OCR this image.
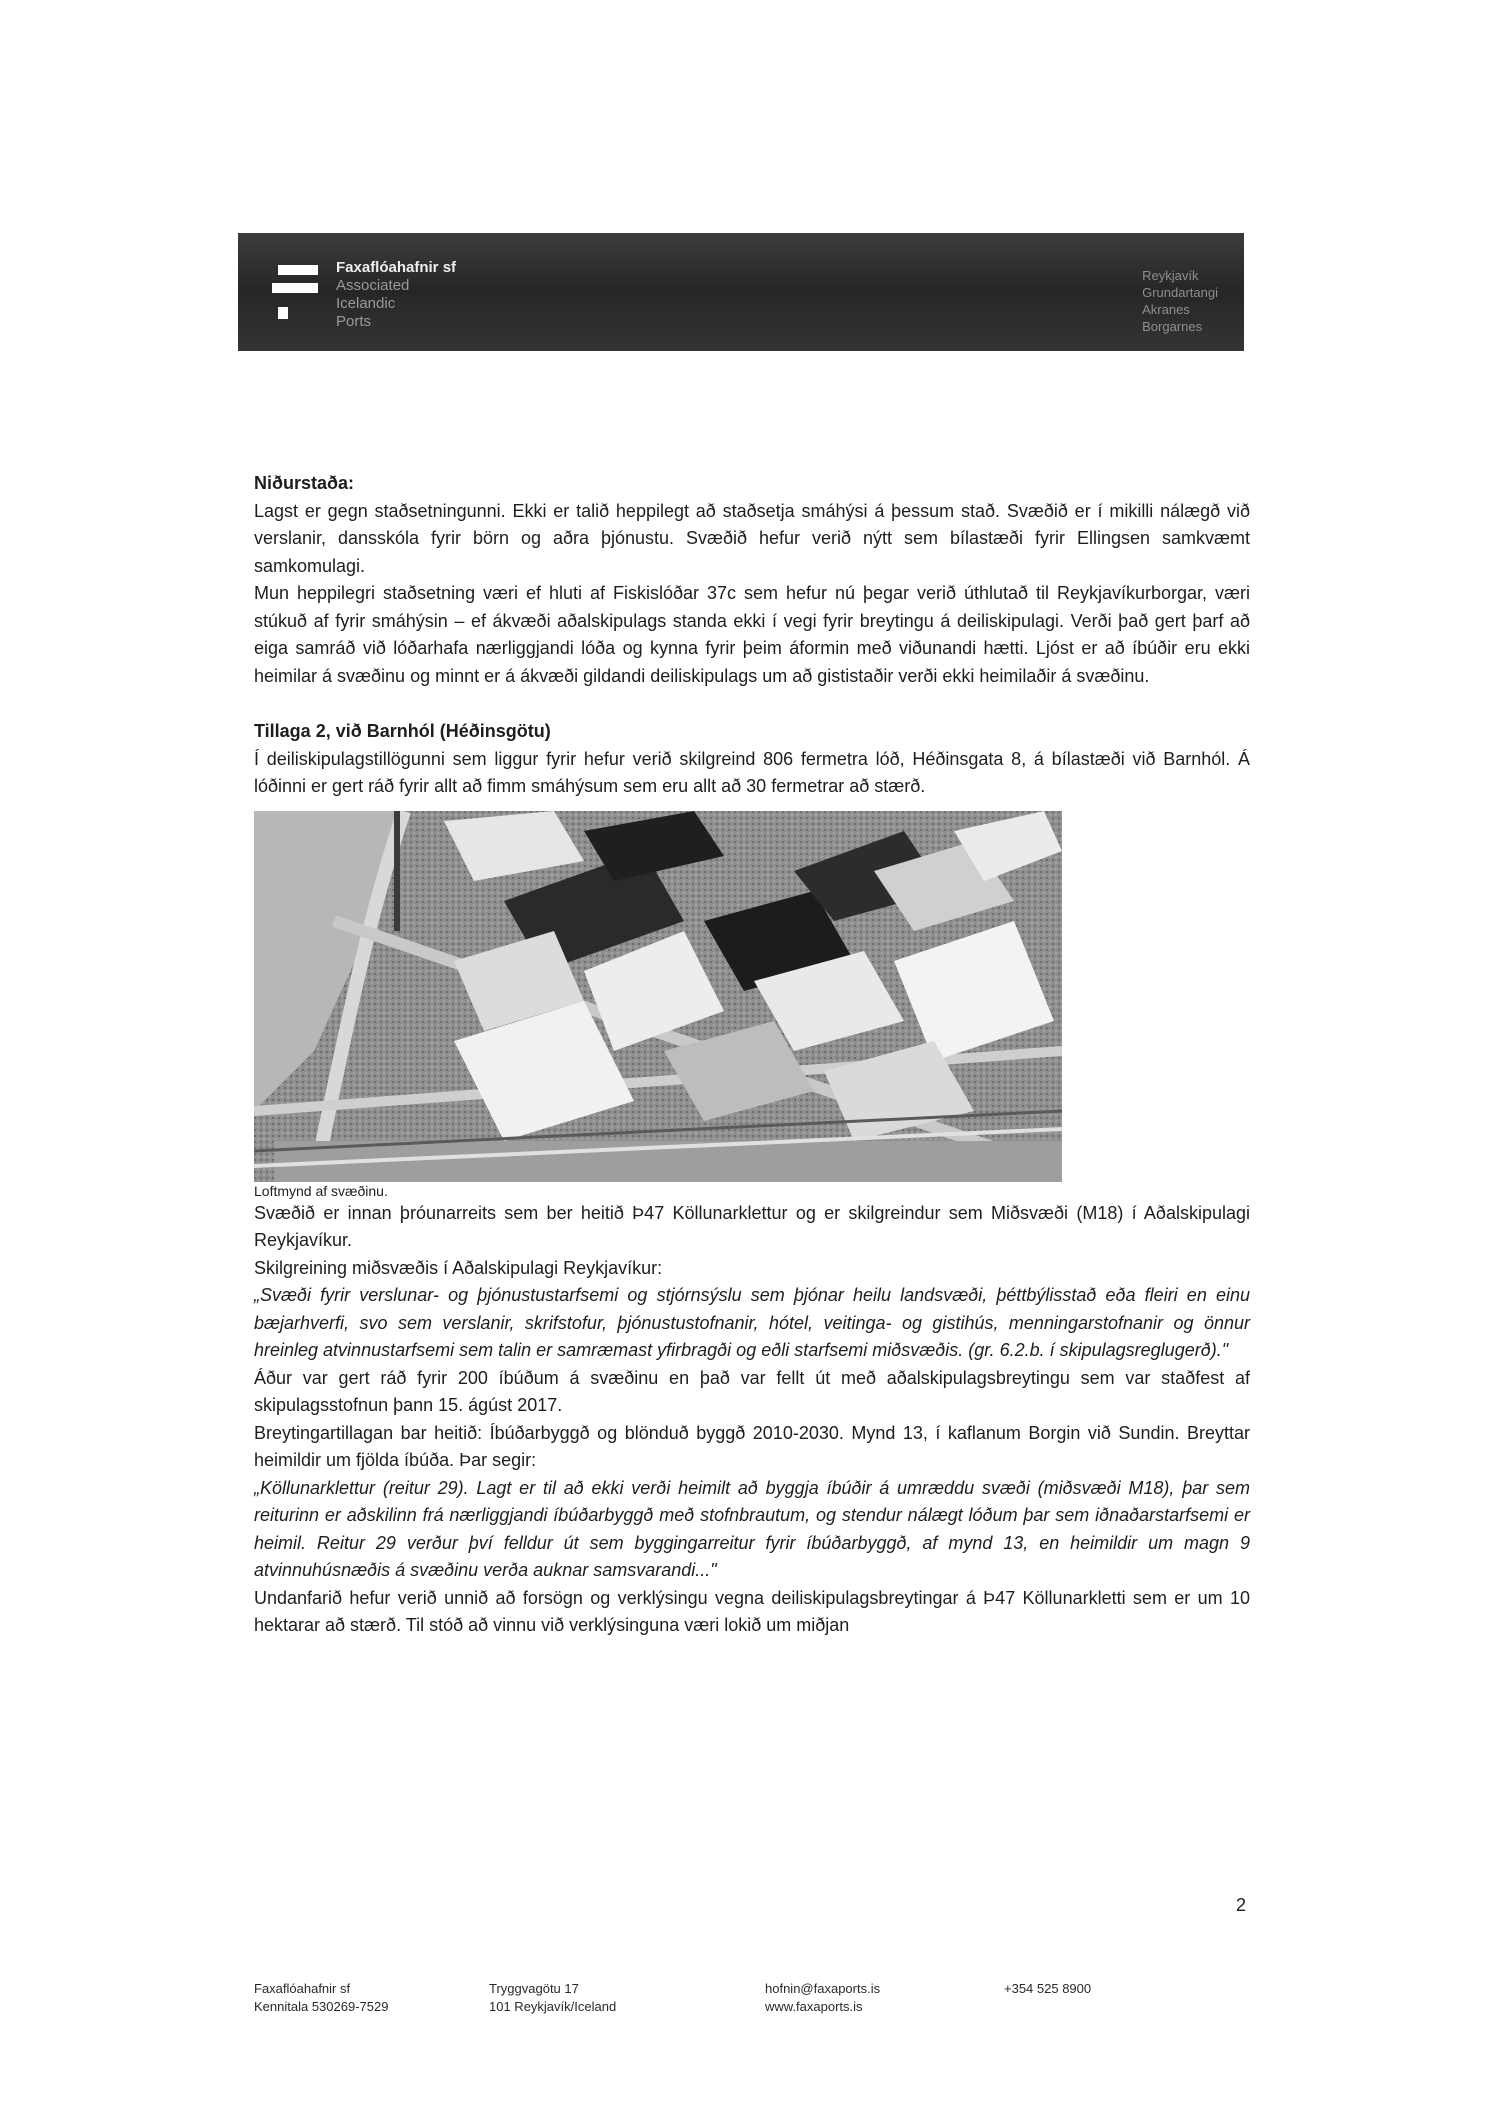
Faxaflóahafnir sf
Associated
Icelandic
Ports
Reykjavík
Grundartangi
Akranes
Borgarnes

Niðurstaða:

Lagst er gegn staðsetningunni. Ekki er talið heppilegt að staðsetja smáhýsi á þessum stað. Svæðið er í mikilli nálægð við verslanir, dansskóla fyrir börn og aðra þjónustu. Svæðið hefur verið nýtt sem bílastæði fyrir Ellingsen samkvæmt samkomulagi.

Mun heppilegri staðsetning væri ef hluti af Fiskislóðar 37c sem hefur nú þegar verið úthlutað til Reykjavíkurborgar, væri stúkuð af fyrir smáhýsin – ef ákvæði aðalskipulags standa ekki í vegi fyrir breytingu á deiliskipulagi. Verði það gert þarf að eiga samráð við lóðarhafa nærliggjandi lóða og kynna fyrir þeim áformin með viðunandi hætti. Ljóst er að íbúðir eru ekki heimilar á svæðinu og minnt er á ákvæði gildandi deiliskipulags um að gististaðir verði ekki heimilaðir á svæðinu.

Tillaga 2, við Barnhól (Héðinsgötu)

Í deiliskipulagstillögunni sem liggur fyrir hefur verið skilgreind 806 fermetra lóð, Héðinsgata 8, á bílastæði við Barnhól. Á lóðinni er gert ráð fyrir allt að fimm smáhýsum sem eru allt að 30 fermetrar að stærð.

Loftmynd af svæðinu.

Svæðið er innan þróunarreits sem ber heitið Þ47 Köllunarklettur og er skilgreindur sem Miðsvæði (M18) í Aðalskipulagi Reykjavíkur.

Skilgreining miðsvæðis í Aðalskipulagi Reykjavíkur:

„Svæði fyrir verslunar- og þjónustustarfsemi og stjórnsýslu sem þjónar heilu landsvæði, þéttbýlisstað eða fleiri en einu bæjarhverfi, svo sem verslanir, skrifstofur, þjónustustofnanir, hótel, veitinga- og gistihús, menningarstofnanir og önnur hreinleg atvinnustarfsemi sem talin er samræmast yfirbragði og eðli starfsemi miðsvæðis. (gr. 6.2.b. í skipulagsreglugerð)."

Áður var gert ráð fyrir 200 íbúðum á svæðinu en það var fellt út með aðalskipulagsbreytingu sem var staðfest af skipulagsstofnun þann 15. ágúst 2017.

Breytingartillagan bar heitið: Íbúðarbyggð og blönduð byggð 2010-2030. Mynd 13, í kaflanum Borgin við Sundin. Breyttar heimildir um fjölda íbúða. Þar segir:

„Köllunarklettur (reitur 29). Lagt er til að ekki verði heimilt að byggja íbúðir á umræddu svæði (miðsvæði M18), þar sem reiturinn er aðskilinn frá nærliggjandi íbúðarbyggð með stofnbrautum, og stendur nálægt lóðum þar sem iðnaðarstarfsemi er heimil. Reitur 29 verður því felldur út sem byggingarreitur fyrir íbúðarbyggð, af mynd 13, en heimildir um magn 9 atvinnuhúsnæðis á svæðinu verða auknar samsvarandi..."

Undanfarið hefur verið unnið að forsögn og verklýsingu vegna deiliskipulagsbreytingar á Þ47 Köllunarkletti sem er um 10 hektarar að stærð. Til stóð að vinnu við verklýsinguna væri lokið um miðjan

2
Faxaflóahafnir sf
Kennitala 530269-7529
Tryggvagötu 17
101 Reykjavík/Iceland
hofnin@faxaports.is
www.faxaports.is
+354 525 8900
